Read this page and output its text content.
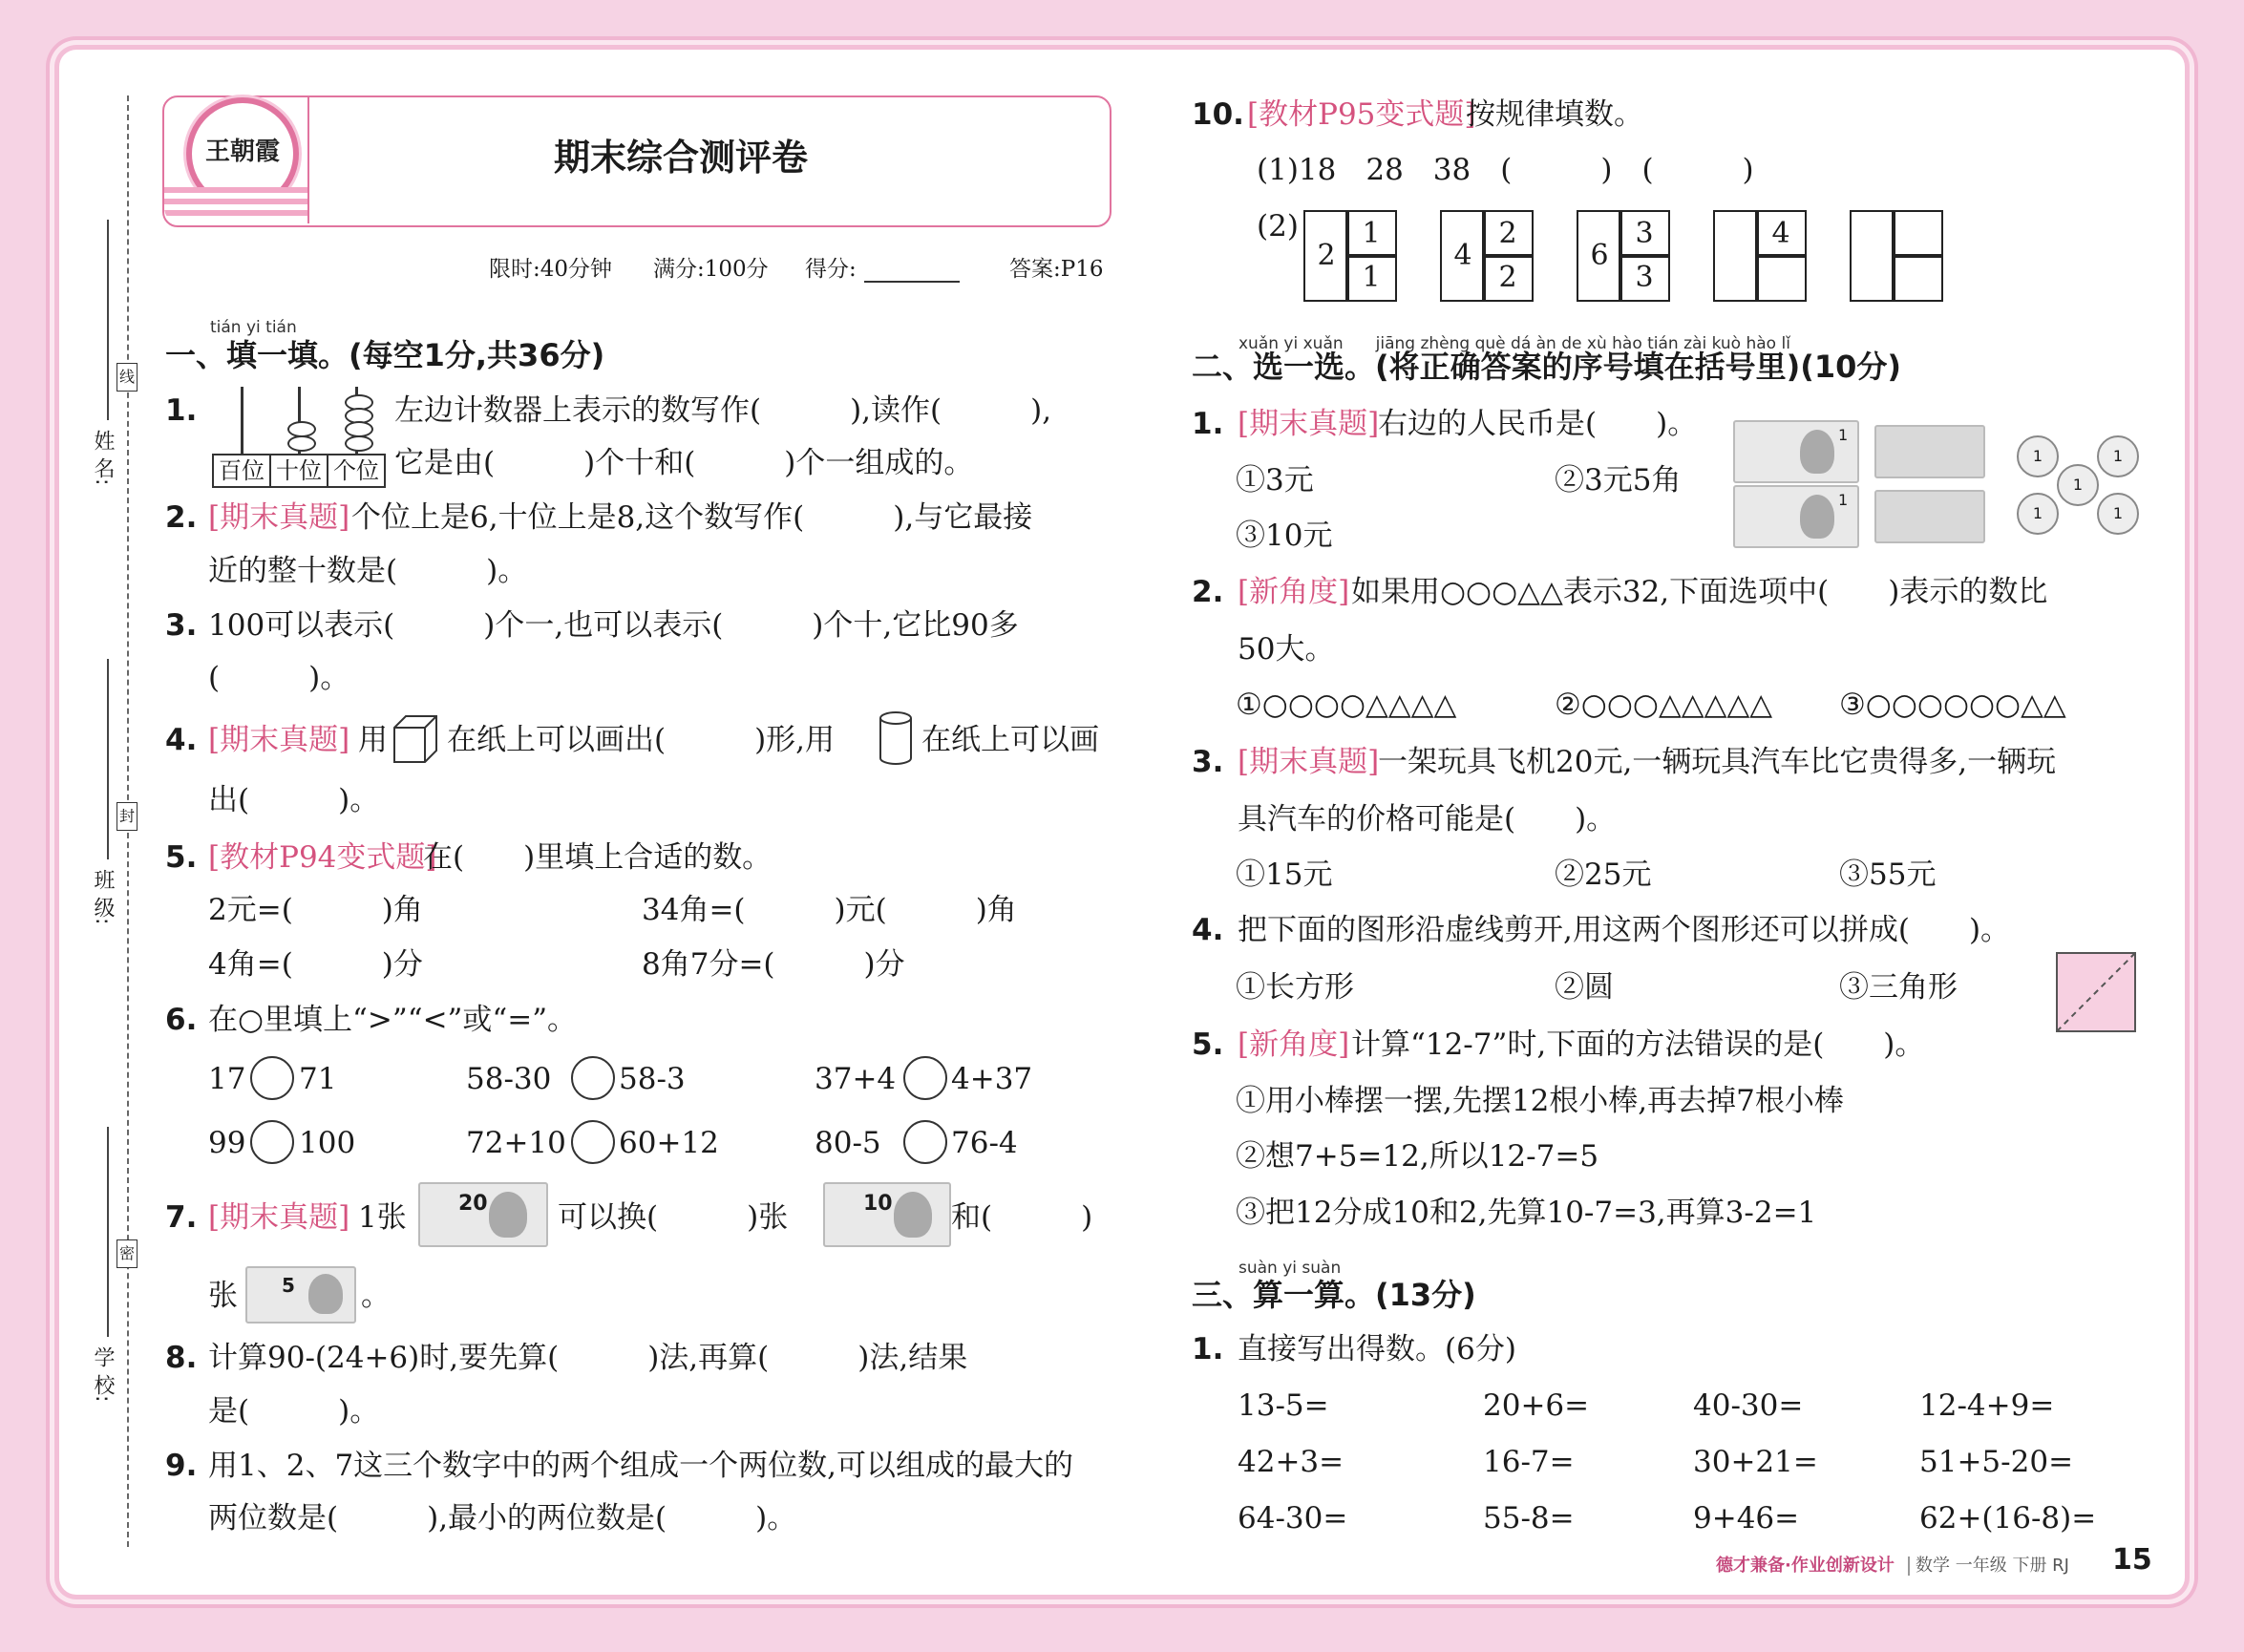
姓 名:
班 级:
学 校:
线
封
密
王朝霞	期末综合测评卷
限时:40分钟 满分:100分 得分:	答案:P16
tián yi tián
一、填一填。(每空1分,共36分)
1.
百位 十位 个位
左边计数器上表示的数写作(　　　),读作(　　　),
它是由(　　　)个十和(　　　)个一组成的。
2. [期末真题] 个位上是6,十位上是8,这个数写作(　　　),与它最接
近的整十数是(　　　)。
3. 100可以表示(　　　)个一,也可以表示(　　　)个十,它比90多
(　　　)。
4. [期末真题] 用 在纸上可以画出(　　　)形,用	在纸上可以画
出(　　　)。
5. [教材P94变式题]
在(　　)里填上合适的数。
2元=(　　　)角	34角=(　　　)元(　　　)角
4角=(　　　)分	8角7分=(　　　)分
6. 在○里填上“>”“<”或“=”。
17 71	58-30 58-3	37+4 4+37
99 100	72+10 60+12	80-5 76-4
7. [期末真题] 1张 20 可以换(　　　)张	10 和(　　　)
张 5 。
8. 计算90-(24+6)时,要先算(　　　)法,再算(　　　)法,结果
是(　　　)。
9. 用1、2、7这三个数字中的两个组成一个两位数,可以组成的最大的
两位数是(　　　),最小的两位数是(　　　)。
10. [教材P95变式题]
按规律填数。
(1)18　28　38　(　　　)　(　　　)
(2)
2
1
1
4
2
2
6
3
3
4
xuǎn yi xuǎn　　jiāng zhèng què dá àn de xù hào tián zài kuò hào lǐ
二、选一选。(将正确答案的序号填在括号里)(10分)
1. [期末真题]
右边的人民币是(　　)。
①3元	②3元5角
③10元
1
1
1	1
1
1	1
2. [新角度] 如果用○○○△△表示32,下面选项中(　　)表示的数比
50大。
①○○○○△△△△	②○○○△△△△△ ③○○○○○○△△
3. [期末真题]
一架玩具飞机20元,一辆玩具汽车比它贵得多,一辆玩
具汽车的价格可能是(　　)。
①15元	②25元	③55元
4. 把下面的图形沿虚线剪开,用这两个图形还可以拼成(　　)。
①长方形	②圆	③三角形
5. [新角度] 计算“12-7”时,下面的方法错误的是(　　)。
①用小棒摆一摆,先摆12根小棒,再去掉7根小棒
②想7+5=12,所以12-7=5
③把12分成10和2,先算10-7=3,再算3-2=1
suàn yi suàn
三、算一算。(13分)
1. 直接写出得数。(6分)
13-5=	20+6=	40-30=	12-4+9=
42+3=	16-7=	30+21=	51+5-20=
64-30=	55-8=	9+46=	62+(16-8)=
德才兼备·作业创新设计 数学 一年级 下册 RJ 15
